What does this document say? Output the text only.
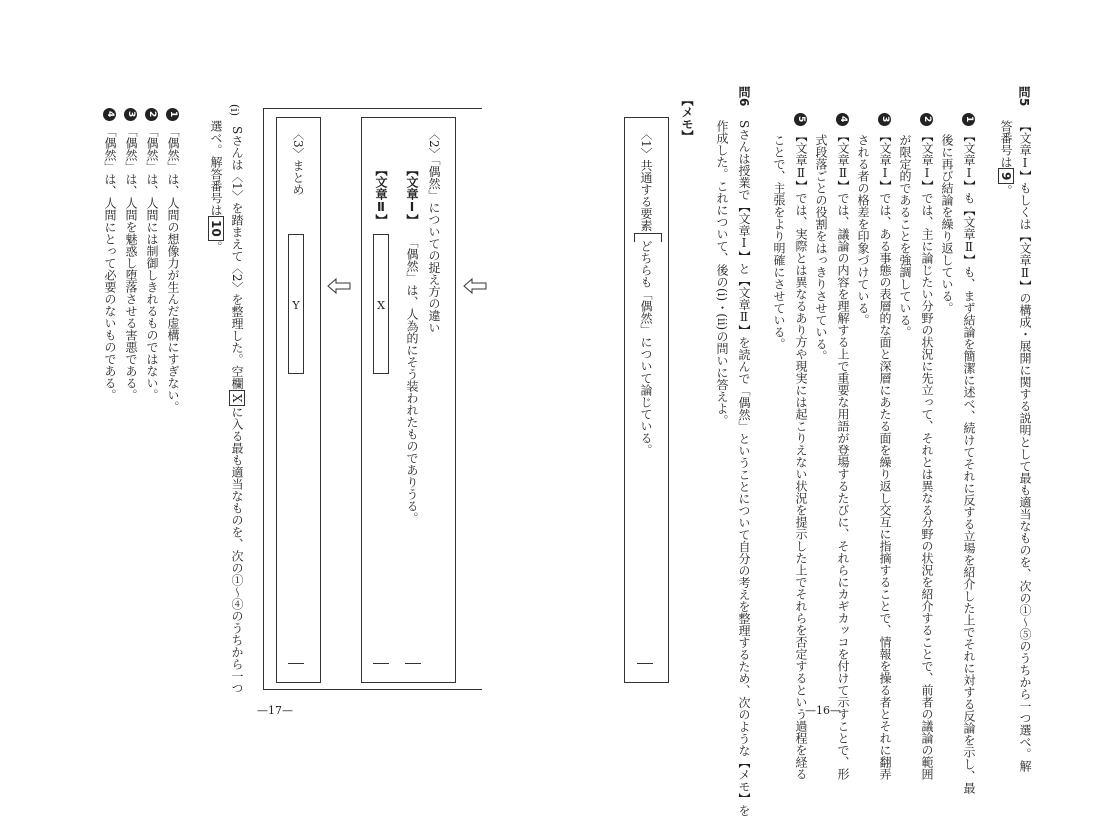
問5
【文章Ⅰ】もしくは【文章Ⅱ】の構成・展開に関する説明として最も適当なものを、次の①～⑤のうちから一つ選べ。解
答番号は9。
1 【文章Ⅰ】も【文章Ⅱ】も、まず結論を簡潔に述べ、続けてそれに反する立場を紹介した上でそれに対する反論を示し、最
後に再び結論を繰り返している。
2 【文章Ⅰ】では、主に論じたい分野の状況に先立って、それとは異なる分野の状況を紹介することで、前者の議論の範囲
が限定的であることを強調している。
3 【文章Ⅰ】では、ある事態の表層的な面と深層にあたる面を繰り返し交互に指摘することで、情報を操る者とそれに翻弄
される者の格差を印象づけている。
4 【文章Ⅱ】では、議論の内容を理解する上で重要な用語が登場するたびに、それらにカギカッコを付けて示すことで、形
式段落ごとの役割をはっきりさせている。
5 【文章Ⅱ】では、実際とは異なるあり方や現実には起こりえない状況を提示した上でそれらを否定するという過程を経る
ことで、主張をより明確にさせている。
問6
Sさんは授業で【文章Ⅰ】と【文章Ⅱ】を読んで「偶然」ということについて自分の考えを整理するため、次のような【メモ】を
作成した。これについて、後の(i)・(ii)の問いに答えよ。
【メモ】
〈1〉共通する要素
どちらも「偶然」について論じている。
—16—
〈2〉「偶然」についての捉え方の違い
【文章Ⅰ】
「偶然」は、人為的にそう装われたものでありうる。
【文章Ⅱ】
X
〈3〉まとめ
Y
(i)
Sさんは〈1〉を踏まえて〈2〉を整理した。空欄Xに入る最も適当なものを、次の①～④のうちから一つ
選べ。解答番号は10。
1 「偶然」は、人間の想像力が生んだ虚構にすぎない。
2 「偶然」は、人間には制御しきれるものではない。
3 「偶然」は、人間を魅惑し堕落させる害悪である。
4 「偶然」は、人間にとって必要のないものである。
—17—
